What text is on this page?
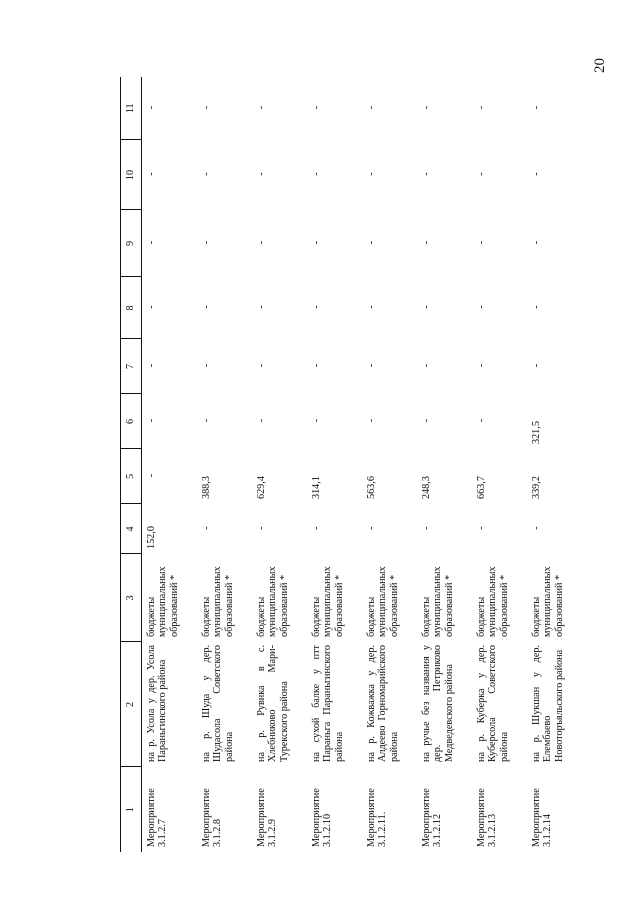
20
1	2	3	4	5	6	7	8	9	10	11
Мероприятие 3.1.2.7	на р. Усола у дер. Усола Параньгинского района	бюджеты муниципальных образований *	152,0	-	-	-	-	-	-	-
Мероприятие 3.1.2.8	на р. Шуда у дер. Шудасола Советского района	бюджеты муниципальных образований *	-	388,3	-	-	-	-	-	-
Мероприятие 3.1.2.9	на р. Рувнка в с. Хлебниково Мари-Турекского района	бюджеты муниципальных образований *	-	629,4	-	-	-	-	-	-
Мероприятие 3.1.2.10	на сухой балке у птт Параньга Параньгинского района	бюджеты муниципальных образований *	-	314,1	-	-	-	-	-	-
Мероприятие 3.1.2.11.	на р. Кожважка у дер. Алдеево Горномарийского района	бюджеты муниципальных образований *	-	563,6	-	-	-	-	-	-
Мероприятие 3.1.2.12	на ручье без названия у дер. Петриково Медведевского района	бюджеты муниципальных образований *	-	248,3	-	-	-	-	-	-
Мероприятие 3.1.2.13	на р. Куберка у дер. Куберсола Советского района	бюджеты муниципальных образований *	-	663,7	-	-	-	-	-	-
Мероприятие 3.1.2.14	на р. Шукшан у дер. Елембаево Новоторъяльского района	бюджеты муниципальных образований *	-	339,2	321,5	-	-	-	-	-
